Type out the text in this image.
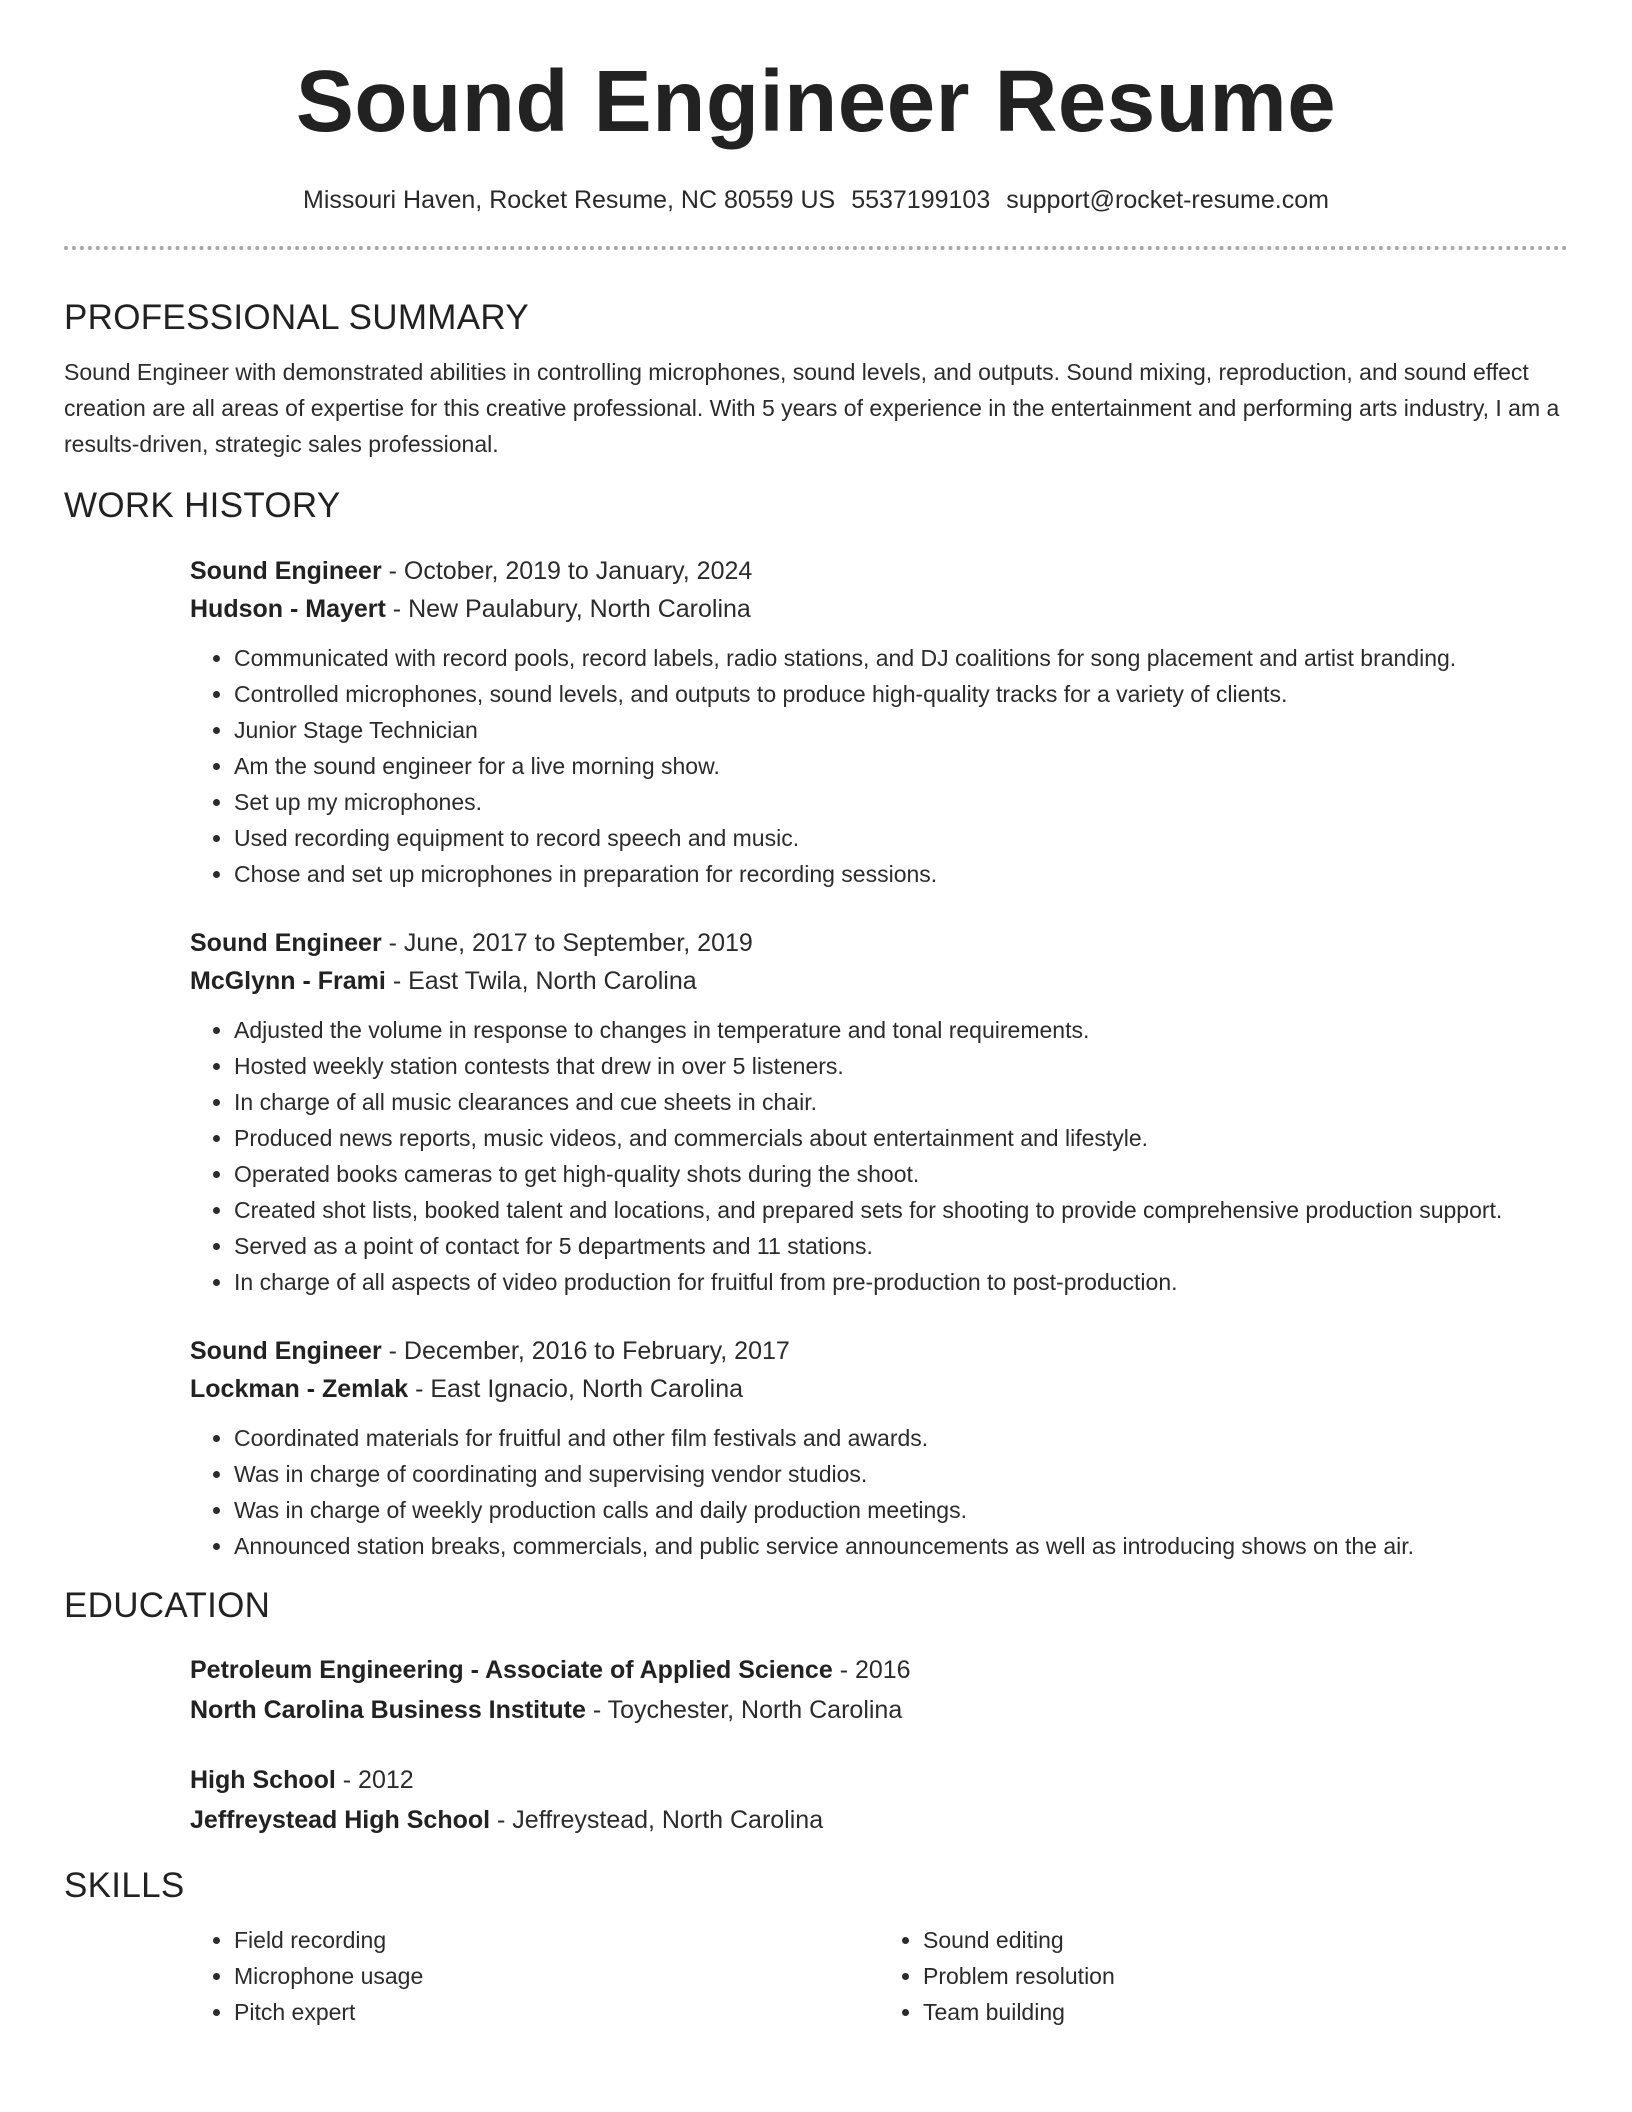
Sound Engineer Resume
Missouri Haven, Rocket Resume, NC 80559 US 5537199103 support@rocket-resume.com
PROFESSIONAL SUMMARY

Sound Engineer with demonstrated abilities in controlling microphones, sound levels, and outputs. Sound mixing, reproduction, and sound effect creation are all areas of expertise for this creative professional. With 5 years of experience in the entertainment and performing arts industry, I am a results-driven, strategic sales professional.

WORK HISTORY
Sound Engineer - October, 2019 to January, 2024
Hudson - Mayert - New Paulabury, North Carolina
• Communicated with record pools, record labels, radio stations, and DJ coalitions for song placement and artist branding.
• Controlled microphones, sound levels, and outputs to produce high-quality tracks for a variety of clients.
• Junior Stage Technician
• Am the sound engineer for a live morning show.
• Set up my microphones.
• Used recording equipment to record speech and music.
• Chose and set up microphones in preparation for recording sessions.
Sound Engineer - June, 2017 to September, 2019
McGlynn - Frami - East Twila, North Carolina
• Adjusted the volume in response to changes in temperature and tonal requirements.
• Hosted weekly station contests that drew in over 5 listeners.
• In charge of all music clearances and cue sheets in chair.
• Produced news reports, music videos, and commercials about entertainment and lifestyle.
• Operated books cameras to get high-quality shots during the shoot.
• Created shot lists, booked talent and locations, and prepared sets for shooting to provide comprehensive production support.
• Served as a point of contact for 5 departments and 11 stations.
• In charge of all aspects of video production for fruitful from pre-production to post-production.
Sound Engineer - December, 2016 to February, 2017
Lockman - Zemlak - East Ignacio, North Carolina
• Coordinated materials for fruitful and other film festivals and awards.
• Was in charge of coordinating and supervising vendor studios.
• Was in charge of weekly production calls and daily production meetings.
• Announced station breaks, commercials, and public service announcements as well as introducing shows on the air.
EDUCATION
Petroleum Engineering - Associate of Applied Science - 2016
North Carolina Business Institute - Toychester, North Carolina
High School - 2012
Jeffreystead High School - Jeffreystead, North Carolina
SKILLS
• Field recording
• Microphone usage
• Pitch expert
• Sound editing
• Problem resolution
• Team building
